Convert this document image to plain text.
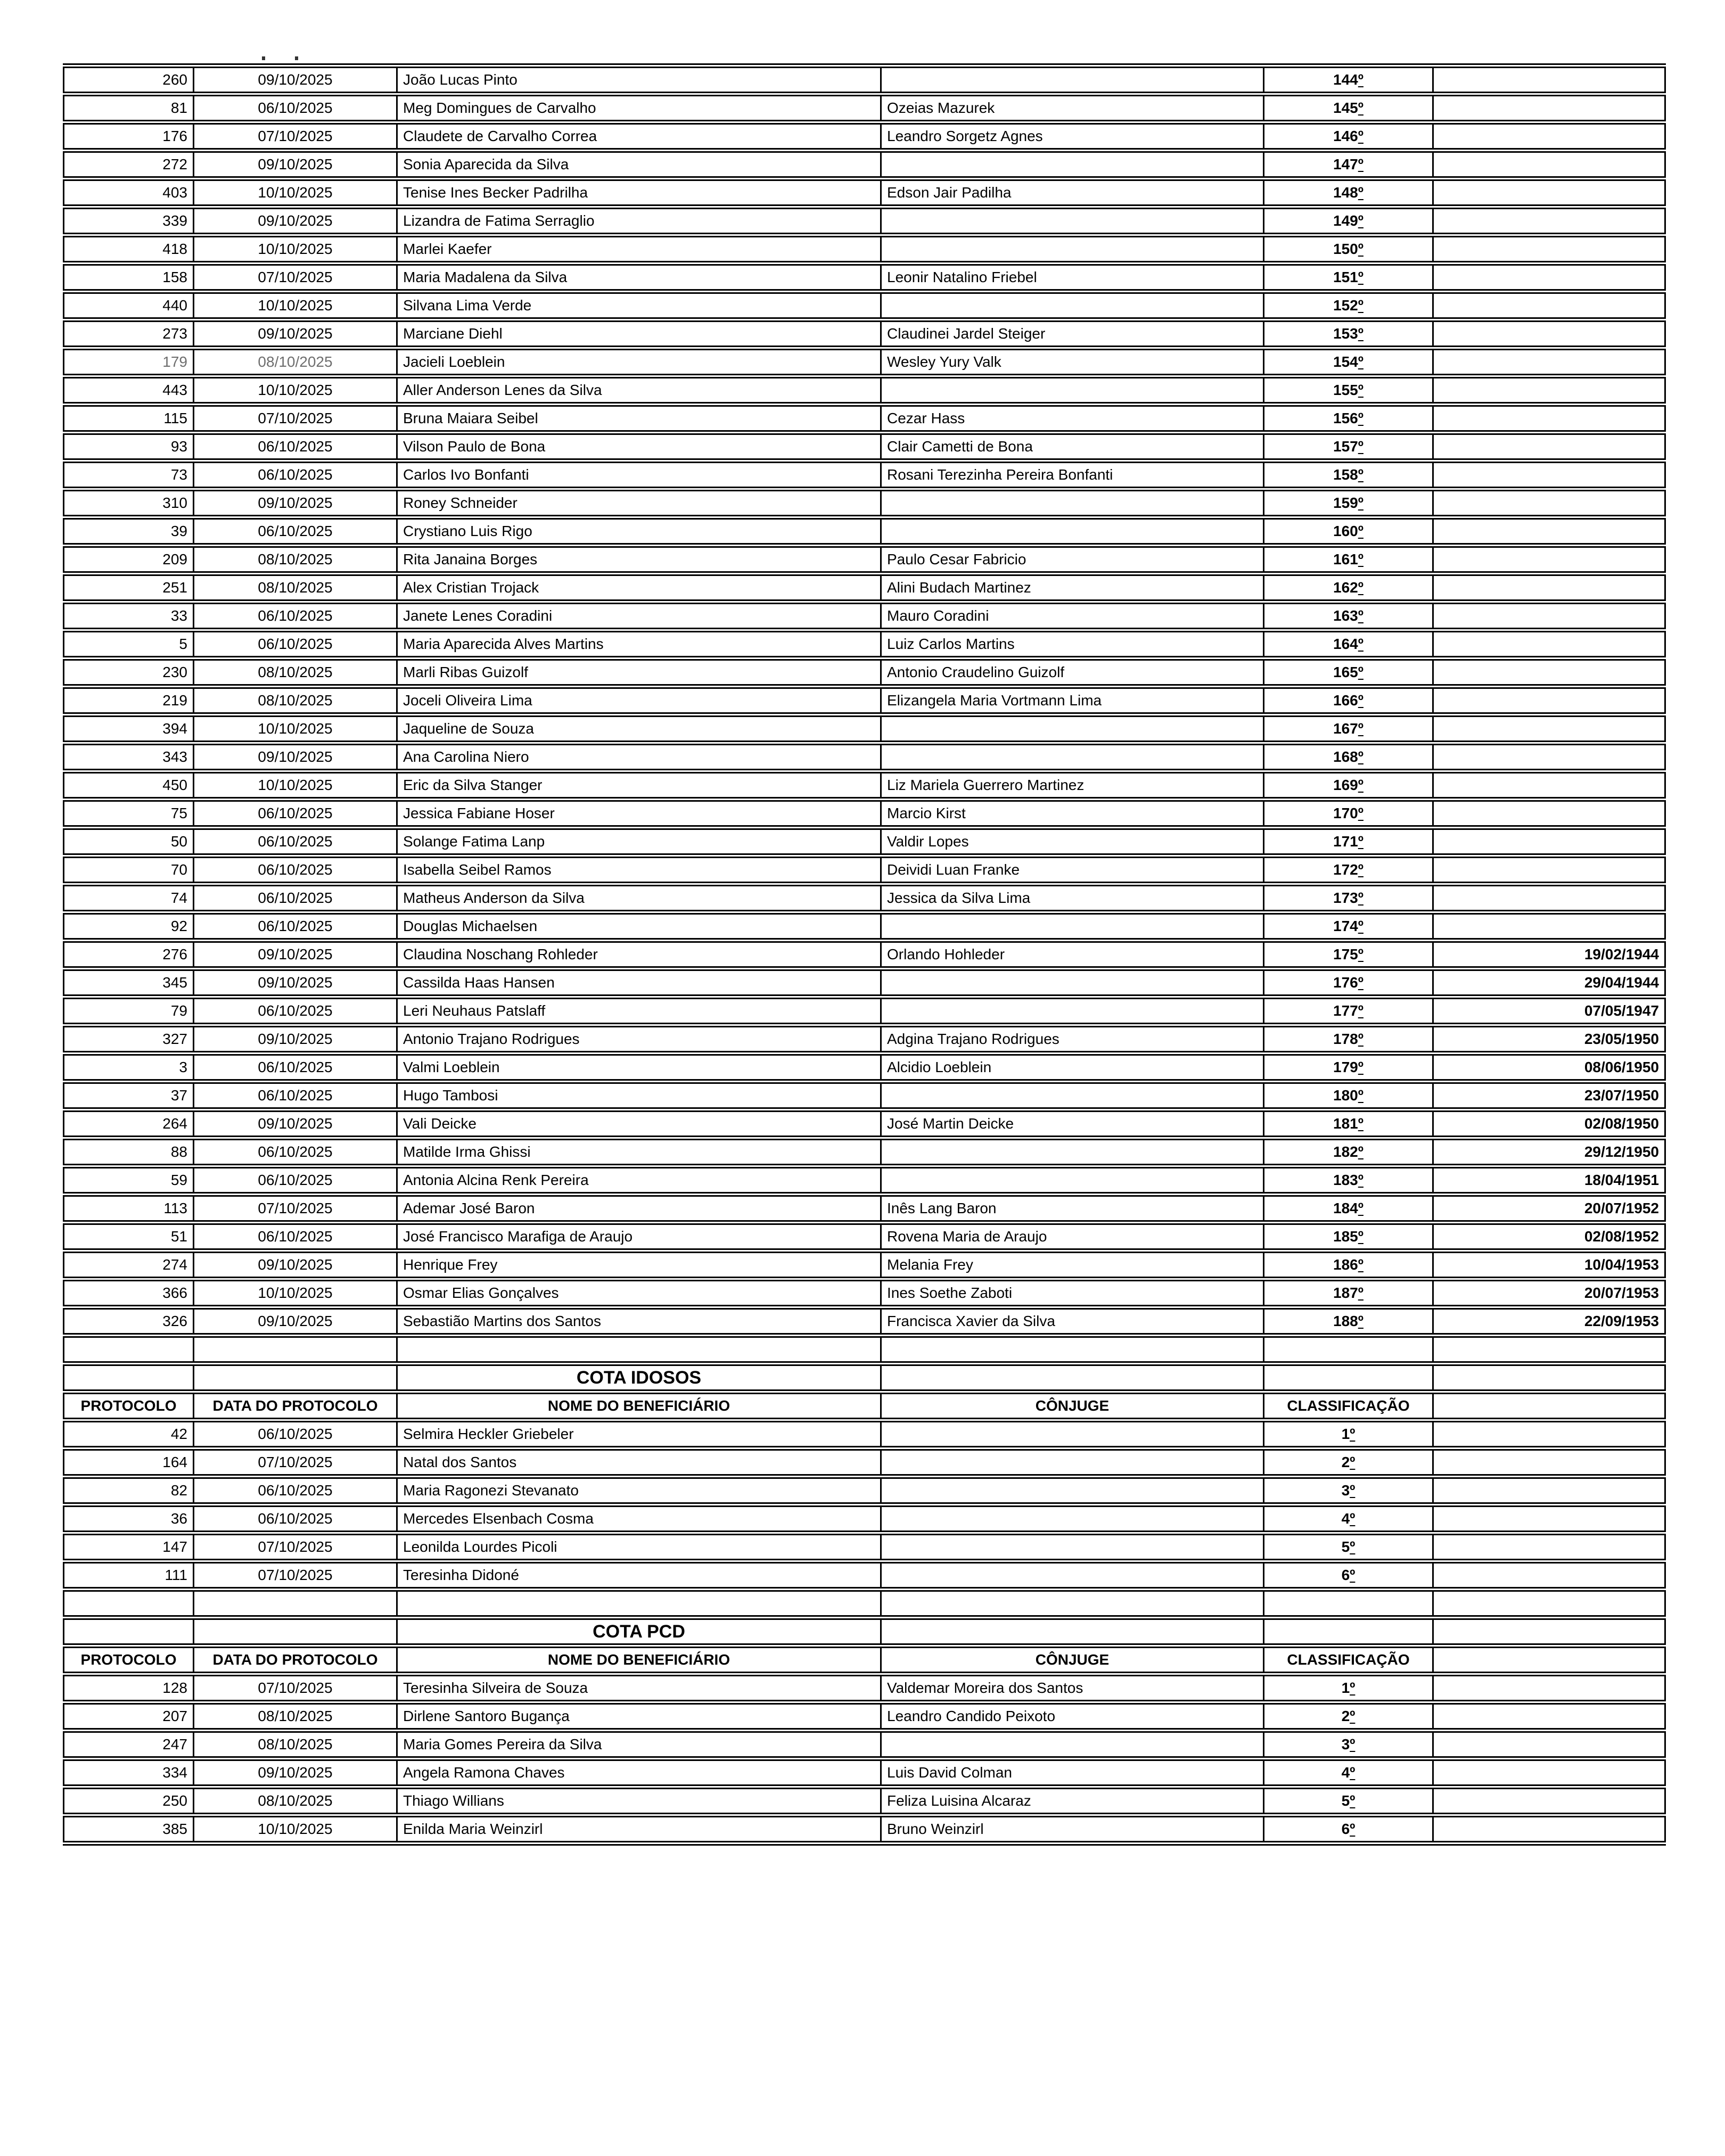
260	09/10/2025	João Lucas Pinto		144º	
81	06/10/2025	Meg Domingues de Carvalho	Ozeias Mazurek	145º	
176	07/10/2025	Claudete de Carvalho Correa	Leandro Sorgetz Agnes	146º	
272	09/10/2025	Sonia Aparecida da Silva		147º	
403	10/10/2025	Tenise Ines Becker Padrilha	Edson Jair Padilha	148º	
339	09/10/2025	Lizandra de Fatima Serraglio		149º	
418	10/10/2025	Marlei Kaefer		150º	
158	07/10/2025	Maria Madalena da Silva	Leonir Natalino Friebel	151º	
440	10/10/2025	Silvana Lima Verde		152º	
273	09/10/2025	Marciane Diehl	Claudinei Jardel Steiger	153º	
179	08/10/2025	Jacieli Loeblein	Wesley Yury Valk	154º	
443	10/10/2025	Aller Anderson Lenes da Silva		155º	
115	07/10/2025	Bruna Maiara Seibel	Cezar Hass	156º	
93	06/10/2025	Vilson Paulo de Bona	Clair Cametti de Bona	157º	
73	06/10/2025	Carlos Ivo Bonfanti	Rosani Terezinha Pereira Bonfanti	158º	
310	09/10/2025	Roney Schneider		159º	
39	06/10/2025	Crystiano Luis Rigo		160º	
209	08/10/2025	Rita Janaina Borges	Paulo Cesar Fabricio	161º	
251	08/10/2025	Alex Cristian Trojack	Alini Budach Martinez	162º	
33	06/10/2025	Janete Lenes Coradini	Mauro Coradini	163º	
5	06/10/2025	Maria Aparecida Alves Martins	Luiz Carlos Martins	164º	
230	08/10/2025	Marli Ribas Guizolf	Antonio Craudelino Guizolf	165º	
219	08/10/2025	Joceli Oliveira Lima	Elizangela Maria Vortmann Lima	166º	
394	10/10/2025	Jaqueline de Souza		167º	
343	09/10/2025	Ana Carolina Niero		168º	
450	10/10/2025	Eric da Silva Stanger	Liz Mariela Guerrero Martinez	169º	
75	06/10/2025	Jessica Fabiane Hoser	Marcio Kirst	170º	
50	06/10/2025	Solange Fatima Lanp	Valdir Lopes	171º	
70	06/10/2025	Isabella Seibel Ramos	Deividi Luan Franke	172º	
74	06/10/2025	Matheus Anderson da Silva	Jessica da Silva Lima	173º	
92	06/10/2025	Douglas Michaelsen		174º	
276	09/10/2025	Claudina Noschang Rohleder	Orlando Hohleder	175º	19/02/1944
345	09/10/2025	Cassilda Haas Hansen		176º	29/04/1944
79	06/10/2025	Leri Neuhaus Patslaff		177º	07/05/1947
327	09/10/2025	Antonio Trajano Rodrigues	Adgina Trajano Rodrigues	178º	23/05/1950
3	06/10/2025	Valmi Loeblein	Alcidio Loeblein	179º	08/06/1950
37	06/10/2025	Hugo Tambosi		180º	23/07/1950
264	09/10/2025	Vali Deicke	José Martin Deicke	181º	02/08/1950
88	06/10/2025	Matilde Irma Ghissi		182º	29/12/1950
59	06/10/2025	Antonia Alcina Renk Pereira		183º	18/04/1951
113	07/10/2025	Ademar José Baron	Inês Lang Baron	184º	20/07/1952
51	06/10/2025	José Francisco Marafiga de Araujo	Rovena Maria de Araujo	185º	02/08/1952
274	09/10/2025	Henrique Frey	Melania Frey	186º	10/04/1953
366	10/10/2025	Osmar Elias Gonçalves	Ines Soethe Zaboti	187º	20/07/1953
326	09/10/2025	Sebastião Martins dos Santos	Francisca Xavier da Silva	188º	22/09/1953

		COTA IDOSOS			
PROTOCOLO	DATA DO PROTOCOLO	NOME DO BENEFICIÁRIO	CÔNJUGE	CLASSIFICAÇÃO	
42	06/10/2025	Selmira Heckler Griebeler		1º	
164	07/10/2025	Natal dos Santos		2º	
82	06/10/2025	Maria Ragonezi Stevanato		3º	
36	06/10/2025	Mercedes Elsenbach Cosma		4º	
147	07/10/2025	Leonilda Lourdes Picoli		5º	
111	07/10/2025	Teresinha Didoné		6º	

		COTA PCD			
PROTOCOLO	DATA DO PROTOCOLO	NOME DO BENEFICIÁRIO	CÔNJUGE	CLASSIFICAÇÃO	
128	07/10/2025	Teresinha Silveira de Souza	Valdemar Moreira dos Santos	1º	
207	08/10/2025	Dirlene Santoro Bugança	Leandro Candido Peixoto	2º	
247	08/10/2025	Maria Gomes Pereira da Silva		3º	
334	09/10/2025	Angela Ramona Chaves	Luis David Colman	4º	
250	08/10/2025	Thiago Willians	Feliza Luisina Alcaraz	5º	
385	10/10/2025	Enilda Maria Weinzirl	Bruno Weinzirl	6º	
